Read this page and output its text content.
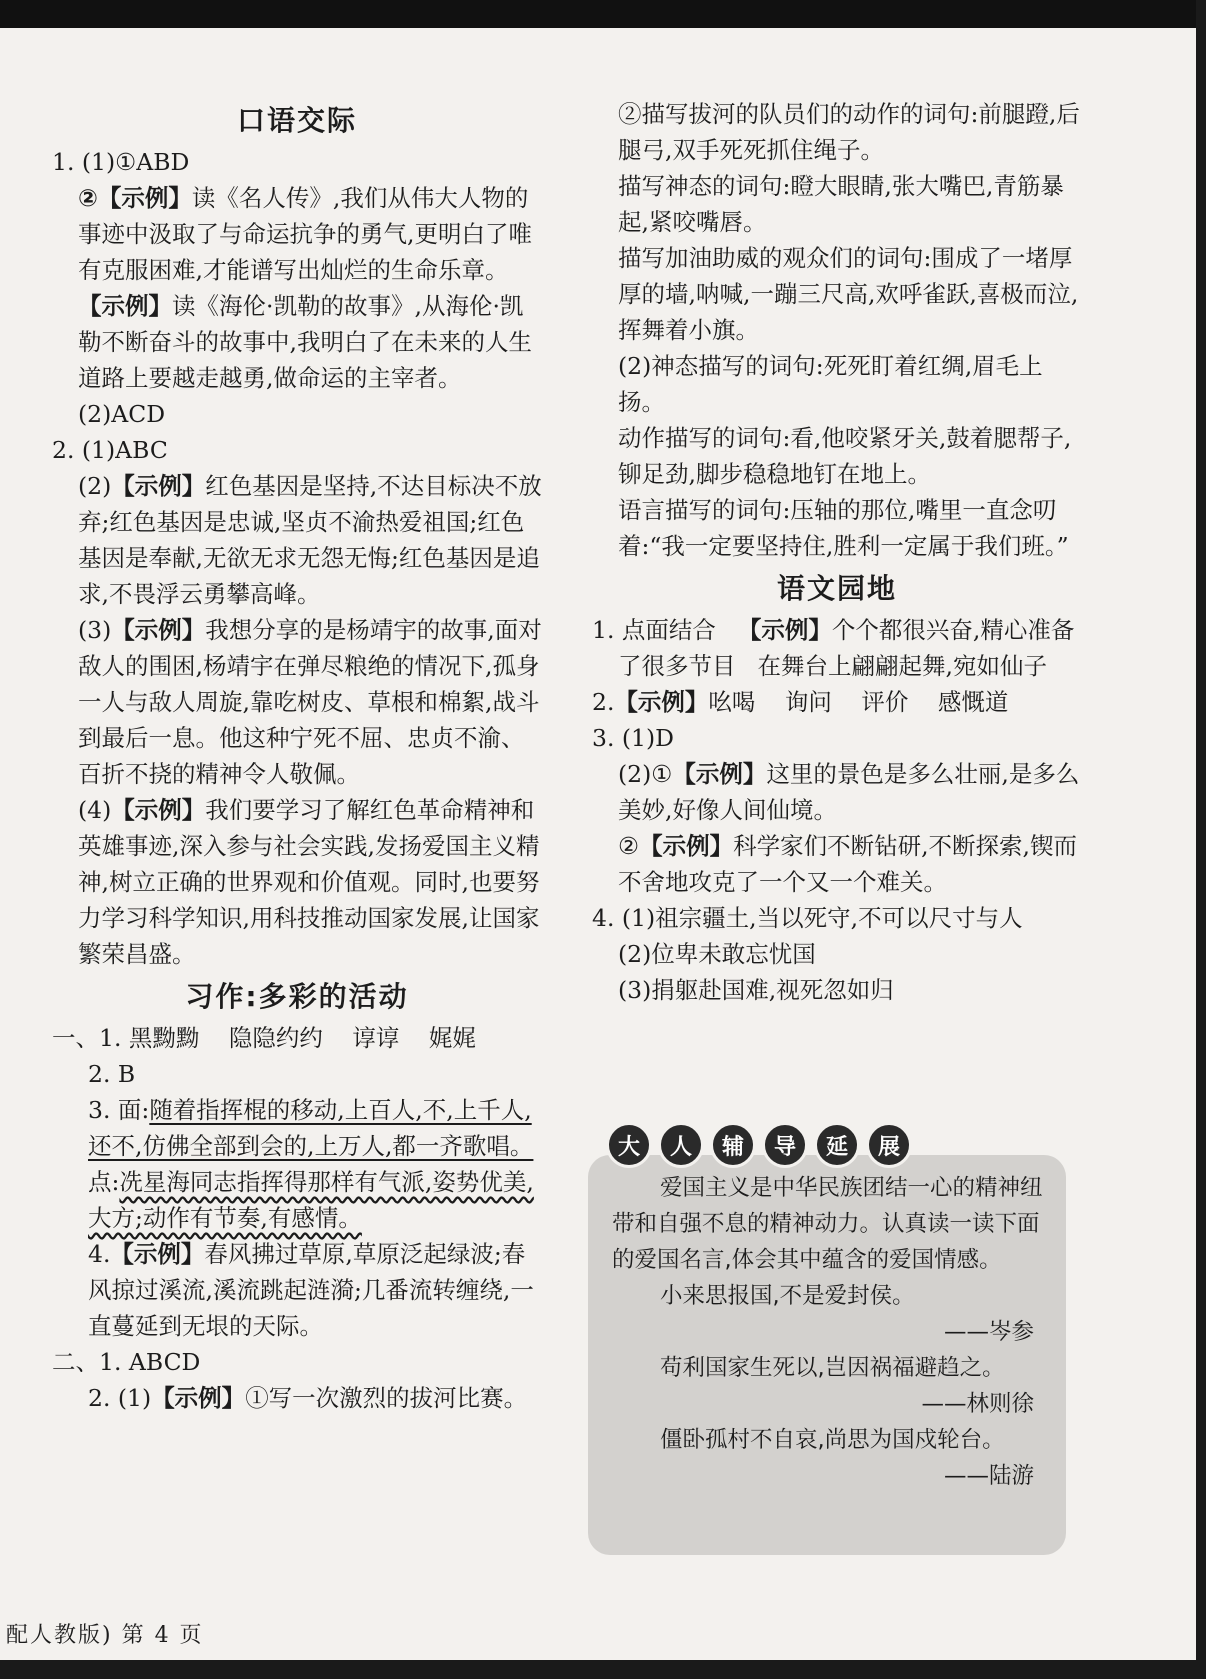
口语交际

1. (1)①ABD

②【示例】读《名人传》,我们从伟大人物的事迹中汲取了与命运抗争的勇气,更明白了唯有克服困难,才能谱写出灿烂的生命乐章。

【示例】读《海伦·凯勒的故事》,从海伦·凯勒不断奋斗的故事中,我明白了在未来的人生道路上要越走越勇,做命运的主宰者。

(2)ACD

2. (1)ABC

(2)【示例】红色基因是坚持,不达目标决不放弃;红色基因是忠诚,坚贞不渝热爱祖国;红色基因是奉献,无欲无求无怨无悔;红色基因是追求,不畏浮云勇攀高峰。

(3)【示例】我想分享的是杨靖宇的故事,面对敌人的围困,杨靖宇在弹尽粮绝的情况下,孤身一人与敌人周旋,靠吃树皮、草根和棉絮,战斗到最后一息。他这种宁死不屈、忠贞不渝、百折不挠的精神令人敬佩。

(4)【示例】我们要学习了解红色革命精神和英雄事迹,深入参与社会实践,发扬爱国主义精神,树立正确的世界观和价值观。同时,也要努力学习科学知识,用科技推动国家发展,让国家繁荣昌盛。

习作:多彩的活动

一、1. 黑黝黝 隐隐约约 谆谆 娓娓

2. B

3. 面:随着指挥棍的移动,上百人,不,上千人,还不,仿佛全部到会的,上万人,都一齐歌唱。

点:冼星海同志指挥得那样有气派,姿势优美,大方;动作有节奏,有感情。

4.【示例】春风拂过草原,草原泛起绿波;春风掠过溪流,溪流跳起涟漪;几番流转缠绕,一直蔓延到无垠的天际。

二、1. ABCD

2. (1)【示例】①写一次激烈的拔河比赛。

②描写拔河的队员们的动作的词句:前腿蹬,后腿弓,双手死死抓住绳子。

描写神态的词句:瞪大眼睛,张大嘴巴,青筋暴起,紧咬嘴唇。

描写加油助威的观众们的词句:围成了一堵厚厚的墙,呐喊,一蹦三尺高,欢呼雀跃,喜极而泣,挥舞着小旗。

(2)神态描写的词句:死死盯着红绸,眉毛上扬。

动作描写的词句:看,他咬紧牙关,鼓着腮帮子,铆足劲,脚步稳稳地钉在地上。

语言描写的词句:压轴的那位,嘴里一直念叨着:“我一定要坚持住,胜利一定属于我们班。”

语文园地

1. 点面结合 【示例】个个都很兴奋,精心准备了很多节目 在舞台上翩翩起舞,宛如仙子

2.【示例】吆喝 询问 评价 感慨道

3. (1)D

(2)①【示例】这里的景色是多么壮丽,是多么美妙,好像人间仙境。

②【示例】科学家们不断钻研,不断探索,锲而不舍地攻克了一个又一个难关。

4. (1)祖宗疆土,当以死守,不可以尺寸与人

(2)位卑未敢忘忧国

(3)捐躯赴国难,视死忽如归

大	人	辅	导	延	展

爱国主义是中华民族团结一心的精神纽带和自强不息的精神动力。认真读一读下面的爱国名言,体会其中蕴含的爱国情感。

小来思报国,不是爱封侯。

——岑参

苟利国家生死以,岂因祸福避趋之。

——林则徐

僵卧孤村不自哀,尚思为国戍轮台。

——陆游

配人教版) 第 4 页
